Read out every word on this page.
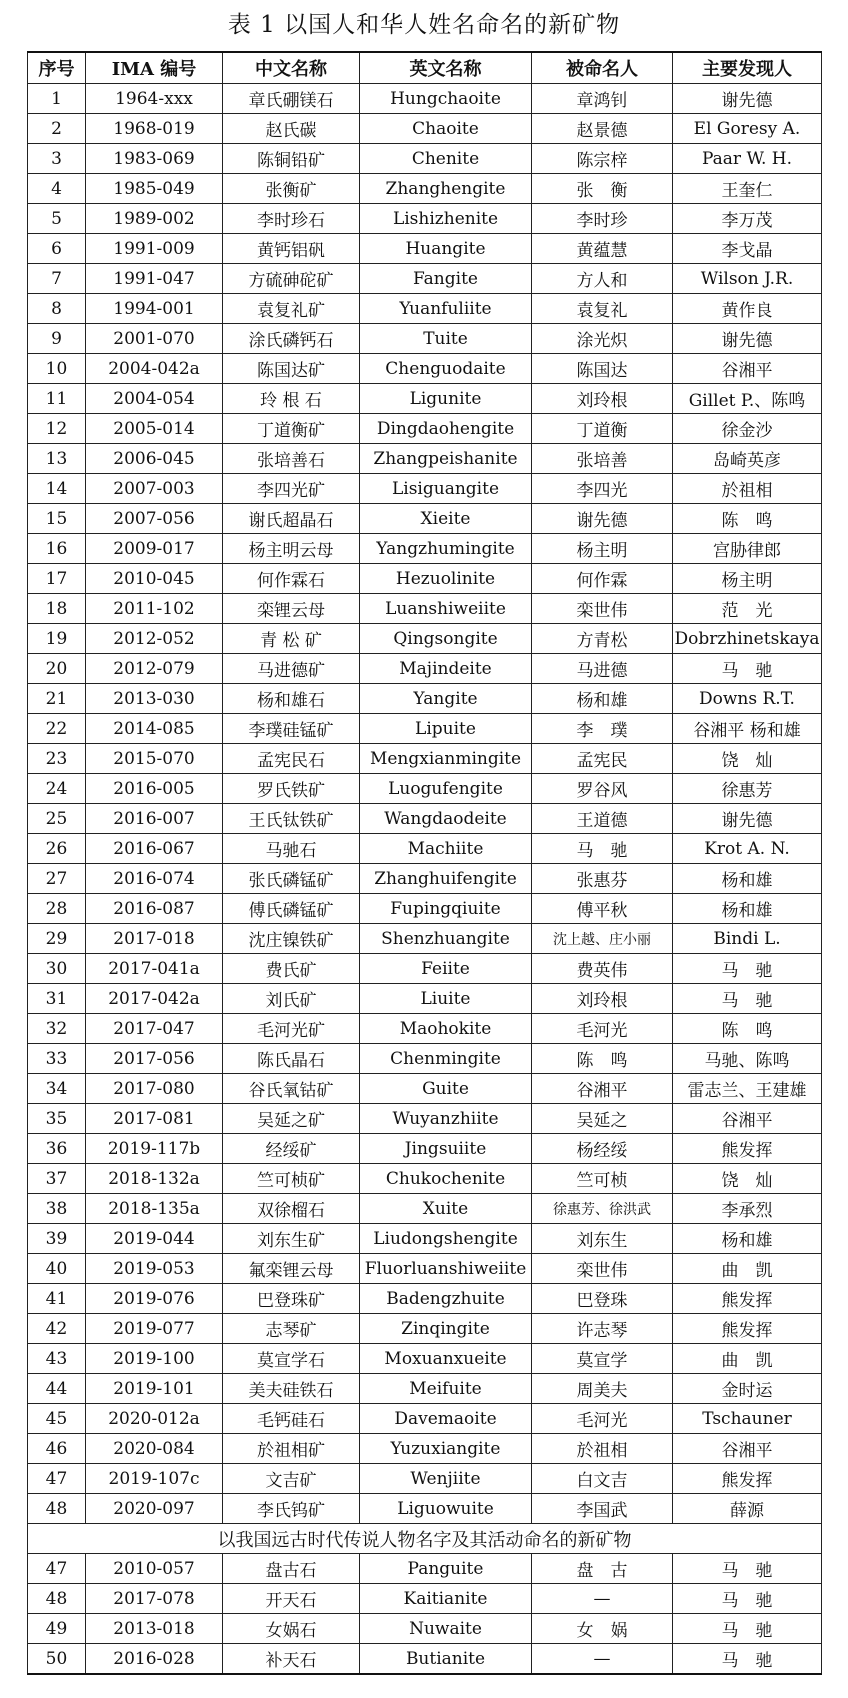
表 1 以国人和华人姓名命名的新矿物
序号	IMA 编号	中文名称	英文名称	被命名人	主要发现人
1	1964-xxx	章氏硼镁石	Hungchaoite	章鸿钊	谢先德
2	1968-019	赵氏碳	Chaoite	赵景德	El Goresy A.
3	1983-069	陈铜铅矿	Chenite	陈宗梓	Paar W. H.
4	1985-049	张衡矿	Zhanghengite	张　衡	王奎仁
5	1989-002	李时珍石	Lishizhenite	李时珍	李万茂
6	1991-009	黄钙铝矾	Huangite	黄蕴慧	李戈晶
7	1991-047	方硫砷砣矿	Fangite	方人和	Wilson J.R.
8	1994-001	袁复礼矿	Yuanfuliite	袁复礼	黄作良
9	2001-070	涂氏磷钙石	Tuite	涂光炽	谢先德
10	2004-042a	陈国达矿	Chenguodaite	陈国达	谷湘平
11	2004-054	玲 根 石	Ligunite	刘玲根	Gillet P.、陈鸣
12	2005-014	丁道衡矿	Dingdaohengite	丁道衡	徐金沙
13	2006-045	张培善石	Zhangpeishanite	张培善	岛崎英彦
14	2007-003	李四光矿	Lisiguangite	李四光	於祖相
15	2007-056	谢氏超晶石	Xieite	谢先德	陈　鸣
16	2009-017	杨主明云母	Yangzhumingite	杨主明	宫胁律郎
17	2010-045	何作霖石	Hezuolinite	何作霖	杨主明
18	2011-102	栾锂云母	Luanshiweiite	栾世伟	范　光
19	2012-052	青 松 矿	Qingsongite	方青松	Dobrzhinetskaya
20	2012-079	马进德矿	Majindeite	马进德	马　驰
21	2013-030	杨和雄石	Yangite	杨和雄	Downs R.T.
22	2014-085	李璞硅锰矿	Lipuite	李　璞	谷湘平 杨和雄
23	2015-070	孟宪民石	Mengxianmingite	孟宪民	饶　灿
24	2016-005	罗氏铁矿	Luogufengite	罗谷风	徐惠芳
25	2016-007	王氏钛铁矿	Wangdaodeite	王道德	谢先德
26	2016-067	马驰石	Machiite	马　驰	Krot A. N.
27	2016-074	张氏磷锰矿	Zhanghuifengite	张惠芬	杨和雄
28	2016-087	傅氏磷锰矿	Fupingqiuite	傅平秋	杨和雄
29	2017-018	沈庄镍铁矿	Shenzhuangite	沈上越、庄小丽	Bindi L.
30	2017-041a	费氏矿	Feiite	费英伟	马　驰
31	2017-042a	刘氏矿	Liuite	刘玲根	马　驰
32	2017-047	毛河光矿	Maohokite	毛河光	陈　鸣
33	2017-056	陈氏晶石	Chenmingite	陈　鸣	马驰、陈鸣
34	2017-080	谷氏氧钴矿	Guite	谷湘平	雷志兰、王建雄
35	2017-081	吴延之矿	Wuyanzhiite	吴延之	谷湘平
36	2019-117b	经绥矿	Jingsuiite	杨经绥	熊发挥
37	2018-132a	竺可桢矿	Chukochenite	竺可桢	饶　灿
38	2018-135a	双徐榴石	Xuite	徐惠芳、徐洪武	李承烈
39	2019-044	刘东生矿	Liudongshengite	刘东生	杨和雄
40	2019-053	氟栾锂云母	Fluorluanshiweiite	栾世伟	曲　凯
41	2019-076	巴登珠矿	Badengzhuite	巴登珠	熊发挥
42	2019-077	志琴矿	Zinqingite	许志琴	熊发挥
43	2019-100	莫宣学石	Moxuanxueite	莫宣学	曲　凯
44	2019-101	美夫硅铁石	Meifuite	周美夫	金时运
45	2020-012a	毛钙硅石	Davemaoite	毛河光	Tschauner
46	2020-084	於祖相矿	Yuzuxiangite	於祖相	谷湘平
47	2019-107c	文吉矿	Wenjiite	白文吉	熊发挥
48	2020-097	李氏钨矿	Liguowuite	李国武	薛源
以我国远古时代传说人物名字及其活动命名的新矿物					
47	2010-057	盘古石	Panguite	盘　古	马　驰
48	2017-078	开天石	Kaitianite	—	马　驰
49	2013-018	女娲石	Nuwaite	女　娲	马　驰
50	2016-028	补天石	Butianite	—	马　驰
